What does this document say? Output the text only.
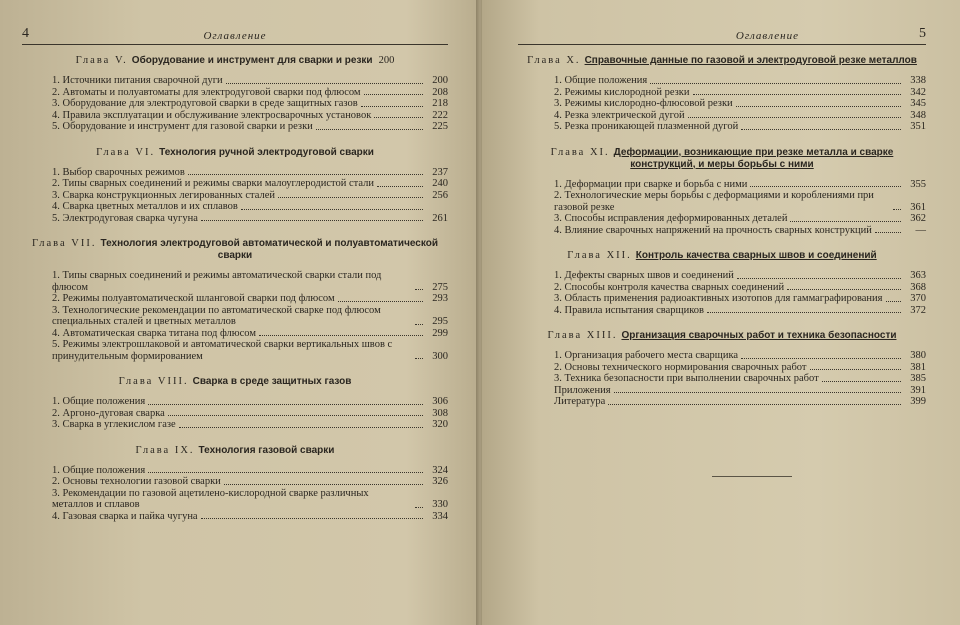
4	Оглавление
Глава V. Оборудование и инструмент для сварки и резки 200
1. Источники питания сварочной дуги	200
2. Автоматы и полуавтоматы для электродуговой сварки под флюсом	208
3. Оборудование для электродуговой сварки в среде защитных газов	218
4. Правила эксплуатации и обслуживание электросварочных установок	222
5. Оборудование и инструмент для газовой сварки и резки	225
Глава VI. Технология ручной электродуговой сварки
1. Выбор сварочных режимов	237
2. Типы сварных соединений и режимы сварки малоуглеродистой стали	240
3. Сварка конструкционных легированных сталей	256
4. Сварка цветных металлов и их сплавов
5. Электродуговая сварка чугуна	261
Глава VII. Технология электродуговой автоматической и полуавтоматической сварки
1. Типы сварных соединений и режимы автоматической сварки стали под флюсом	275
2. Режимы полуавтоматической шланговой сварки под флюсом	293
3. Технологические рекомендации по автоматической сварке под флюсом специальных сталей и цветных металлов	295
4. Автоматическая сварка титана под флюсом	299
5. Режимы электрошлаковой и автоматической сварки вертикальных швов с принудительным формированием	300
Глава VIII. Сварка в среде защитных газов
1. Общие положения	306
2. Аргоно-дуговая сварка	308
3. Сварка в углекислом газе	320
Глава IX. Технология газовой сварки
1. Общие положения	324
2. Основы технологии газовой сварки	326
3. Рекомендации по газовой ацетилено-кислородной сварке различных металлов и сплавов	330
4. Газовая сварка и пайка чугуна	334
Оглавление	5
Глава X. Справочные данные по газовой и электродуговой резке металлов
1. Общие положения	338
2. Режимы кислородной резки	342
3. Режимы кислородно-флюсовой резки	345
4. Резка электрической дугой	348
5. Резка проникающей плазменной дугой	351
Глава XI. Деформации, возникающие при резке металла и сварке конструкций, и меры борьбы с ними
1. Деформации при сварке и борьба с ними	355
2. Технологические меры борьбы с деформациями и короблениями при газовой резке	361
3. Способы исправления деформированных деталей	362
4. Влияние сварочных напряжений на прочность сварных конструкций	—
Глава XII. Контроль качества сварных швов и соединений
1. Дефекты сварных швов и соединений	363
2. Способы контроля качества сварных соединений	368
3. Область применения радиоактивных изотопов для гаммаграфирования	370
4. Правила испытания сварщиков	372
Глава XIII. Организация сварочных работ и техника безопасности
1. Организация рабочего места сварщика	380
2. Основы технического нормирования сварочных работ	381
3. Техника безопасности при выполнении сварочных работ	385
Приложения	391
Литература	399
